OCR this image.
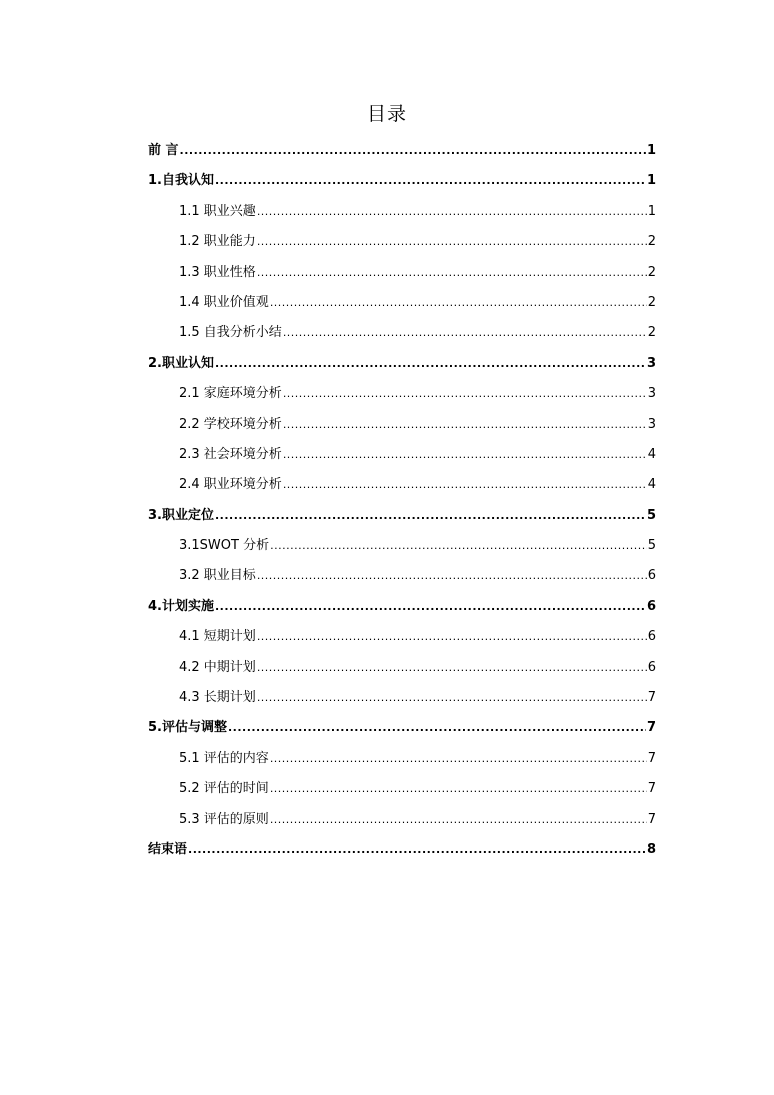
目录
前 言 .....	1
1.自我认知 .....	1
1.1 职业兴趣 .....	1
1.2 职业能力 .....	2
1.3 职业性格 .....	2
1.4 职业价值观 .....	2
1.5 自我分析小结 .....	2
2.职业认知 .....	3
2.1 家庭环境分析 .....	3
2.2 学校环境分析 .....	3
2.3 社会环境分析 .....	4
2.4 职业环境分析 .....	4
3.职业定位 .....	5
3.1SWOT 分析 .....	5
3.2 职业目标 .....	6
4.计划实施 .....	6
4.1 短期计划 .....	6
4.2 中期计划 .....	6
4.3 长期计划 .....	7
5.评估与调整 .....	7
5.1 评估的内容 .....	7
5.2 评估的时间 .....	7
5.3 评估的原则 .....	7
结束语 .....	8
